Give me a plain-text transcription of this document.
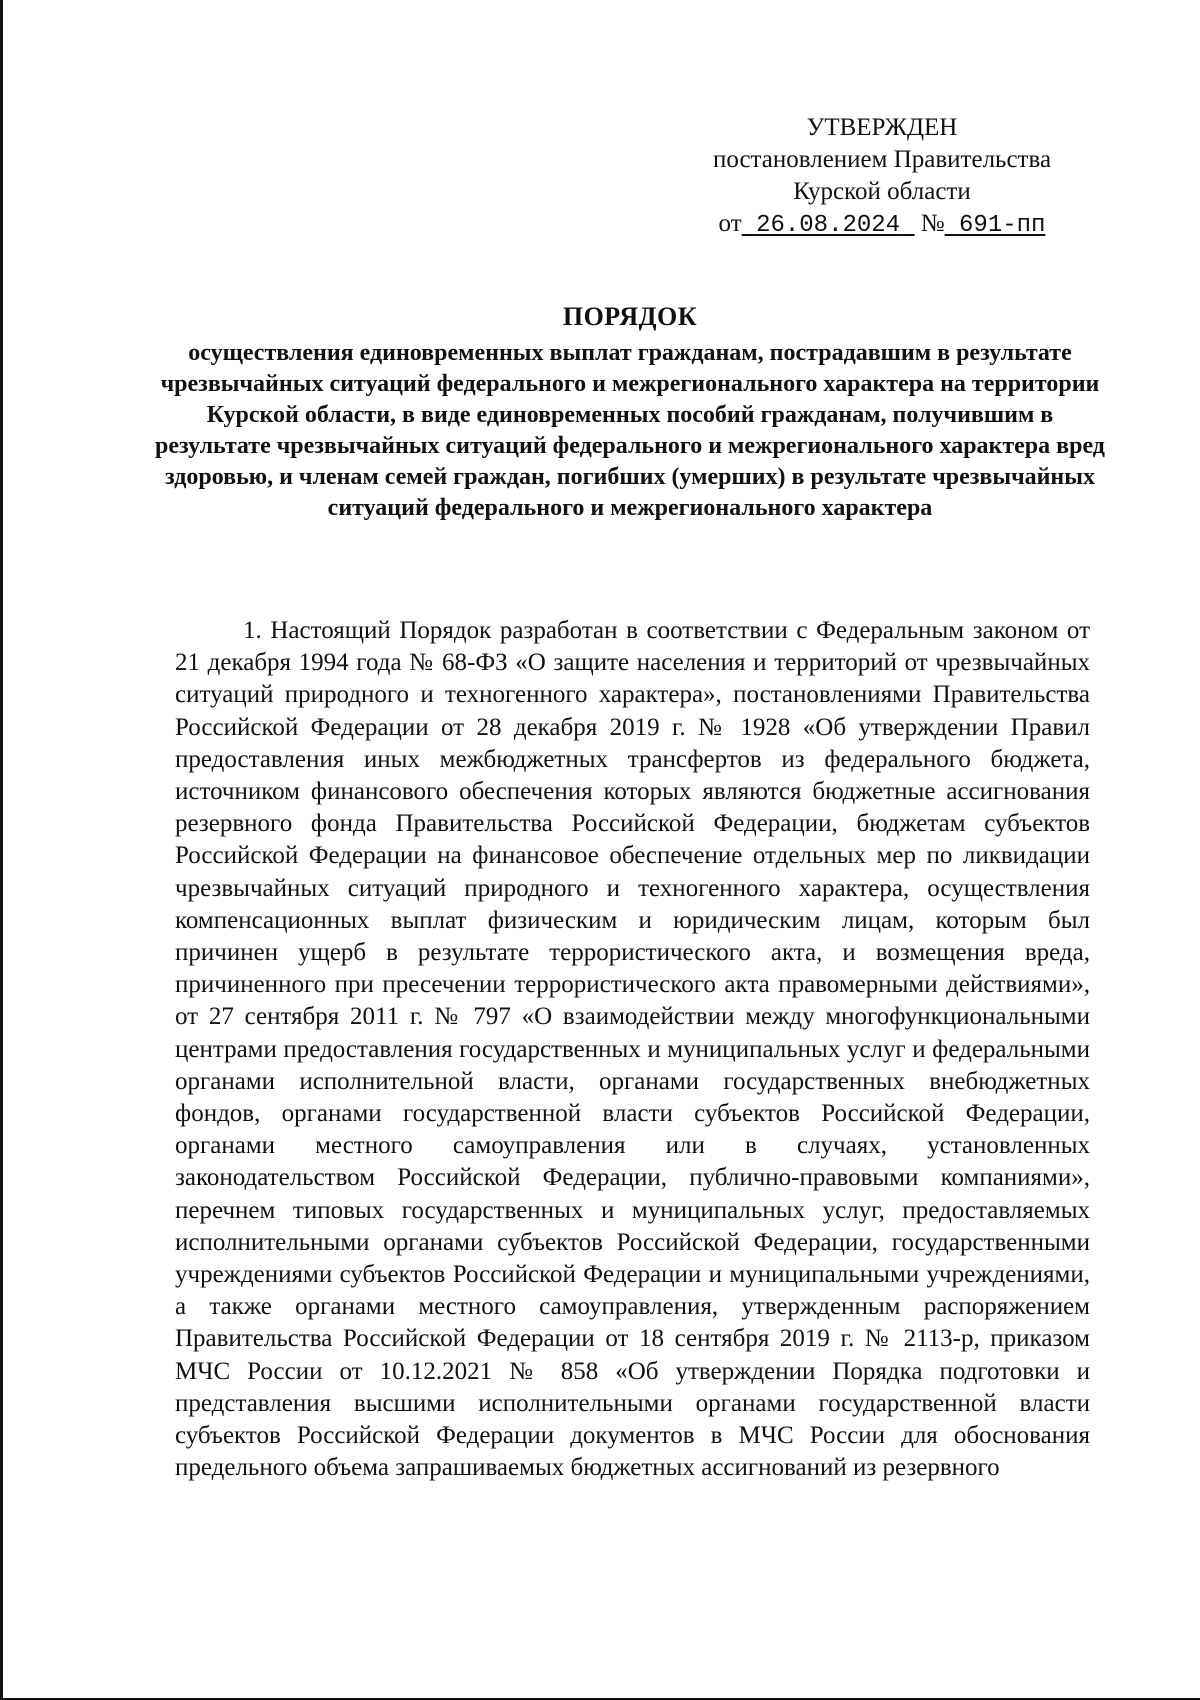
УТВЕРЖДЕН
постановлением Правительства
Курской области
от 26.08.2024 № 691-пп

ПОРЯДОК

осуществления единовременных выплат гражданам, пострадавшим в результате чрезвычайных ситуаций федерального и межрегионального характера на территории Курской области, в виде единовременных пособий гражданам, получившим в результате чрезвычайных ситуаций федерального и межрегионального характера вред здоровью, и членам семей граждан, погибших (умерших) в результате чрезвычайных ситуаций федерального и межрегионального характера

1. Настоящий Порядок разработан в соответствии с Федеральным законом от 21 декабря 1994 года № 68-ФЗ «О защите населения и территорий от чрезвычайных ситуаций природного и техногенного характера», постановлениями Правительства Российской Федерации от 28 декабря 2019 г. № 1928 «Об утверждении Правил предоставления иных межбюджетных трансфертов из федерального бюджета, источником финансового обеспечения которых являются бюджетные ассигнования резервного фонда Правительства Российской Федерации, бюджетам субъектов Российской Федерации на финансовое обеспечение отдельных мер по ликвидации чрезвычайных ситуаций природного и техногенного характера, осуществления компенсационных выплат физическим и юридическим лицам, которым был причинен ущерб в результате террористического акта, и возмещения вреда, причиненного при пресечении террористического акта правомерными действиями», от 27 сентября 2011 г. № 797 «О взаимодействии между многофункциональными центрами предоставления государственных и муниципальных услуг и федеральными органами исполнительной власти, органами государственных внебюджетных фондов, органами государственной власти субъектов Российской Федерации, органами местного самоуправления или в случаях, установленных законодательством Российской Федерации, публично-правовыми компаниями», перечнем типовых государственных и муниципальных услуг, предоставляемых исполнительными органами субъектов Российской Федерации, государственными учреждениями субъектов Российской Федерации и муниципальными учреждениями, а также органами местного самоуправления, утвержденным распоряжением Правительства Российской Федерации от 18 сентября 2019 г. № 2113-р, приказом МЧС России от 10.12.2021 № 858 «Об утверждении Порядка подготовки и представления высшими исполнительными органами государственной власти субъектов Российской Федерации документов в МЧС России для обоснования предельного объема запрашиваемых бюджетных ассигнований из резервного
